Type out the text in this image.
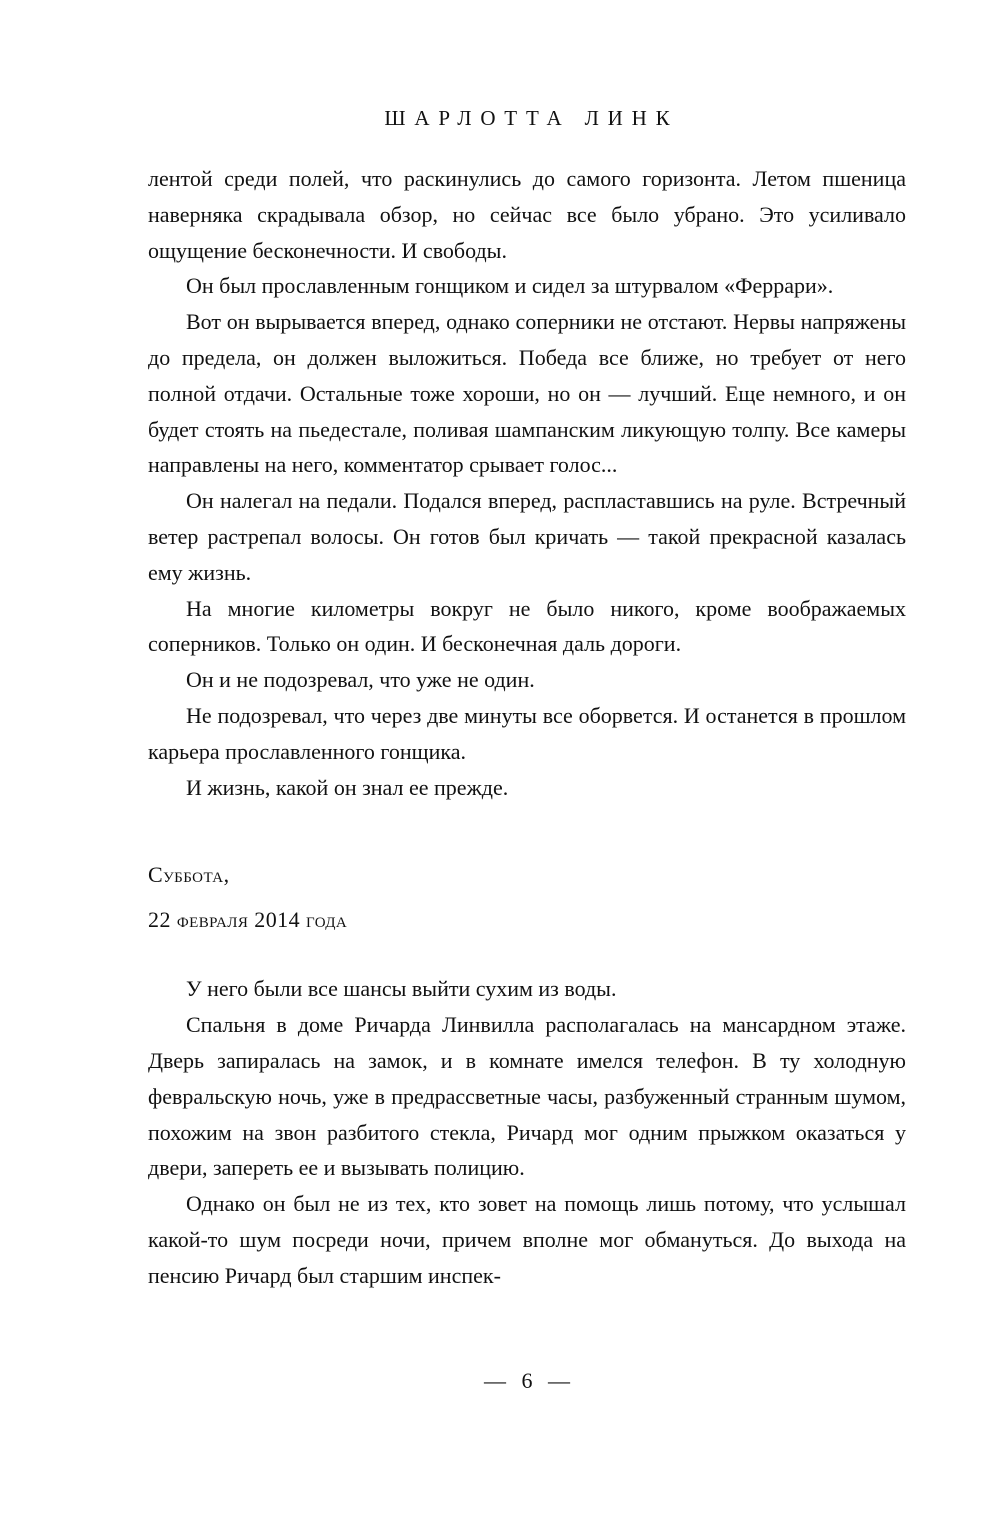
ШАРЛОТТА ЛИНК

лентой среди полей, что раскинулись до самого горизонта. Летом пшеница наверняка скрадывала обзор, но сейчас все было убрано. Это усиливало ощущение бесконечности. И свободы.

Он был прославленным гонщиком и сидел за штурвалом «Феррари».

Вот он вырывается вперед, однако соперники не отстают. Нервы напряжены до предела, он должен выложиться. Победа все ближе, но требует от него полной отдачи. Остальные тоже хороши, но он — лучший. Еще немного, и он будет стоять на пьедестале, поливая шампанским ликующую толпу. Все камеры направлены на него, комментатор срывает голос...

Он налегал на педали. Подался вперед, распластавшись на руле. Встречный ветер растрепал волосы. Он готов был кричать — такой прекрасной казалась ему жизнь.

На многие километры вокруг не было никого, кроме воображаемых соперников. Только он один. И бесконечная даль дороги.

Он и не подозревал, что уже не один.

Не подозревал, что через две минуты все оборвется. И останется в прошлом карьера прославленного гонщика.

И жизнь, какой он знал ее прежде.

Суббота,
22 февраля 2014 года

У него были все шансы выйти сухим из воды.

Спальня в доме Ричарда Линвилла располагалась на мансардном этаже. Дверь запиралась на замок, и в комнате имелся телефон. В ту холодную февральскую ночь, уже в предрассветные часы, разбуженный странным шумом, похожим на звон разбитого стекла, Ричард мог одним прыжком оказаться у двери, запереть ее и вызывать полицию.

Однако он был не из тех, кто зовет на помощь лишь потому, что услышал какой-то шум посреди ночи, причем вполне мог обмануться. До выхода на пенсию Ричард был старшим инспек-

— 6 —
